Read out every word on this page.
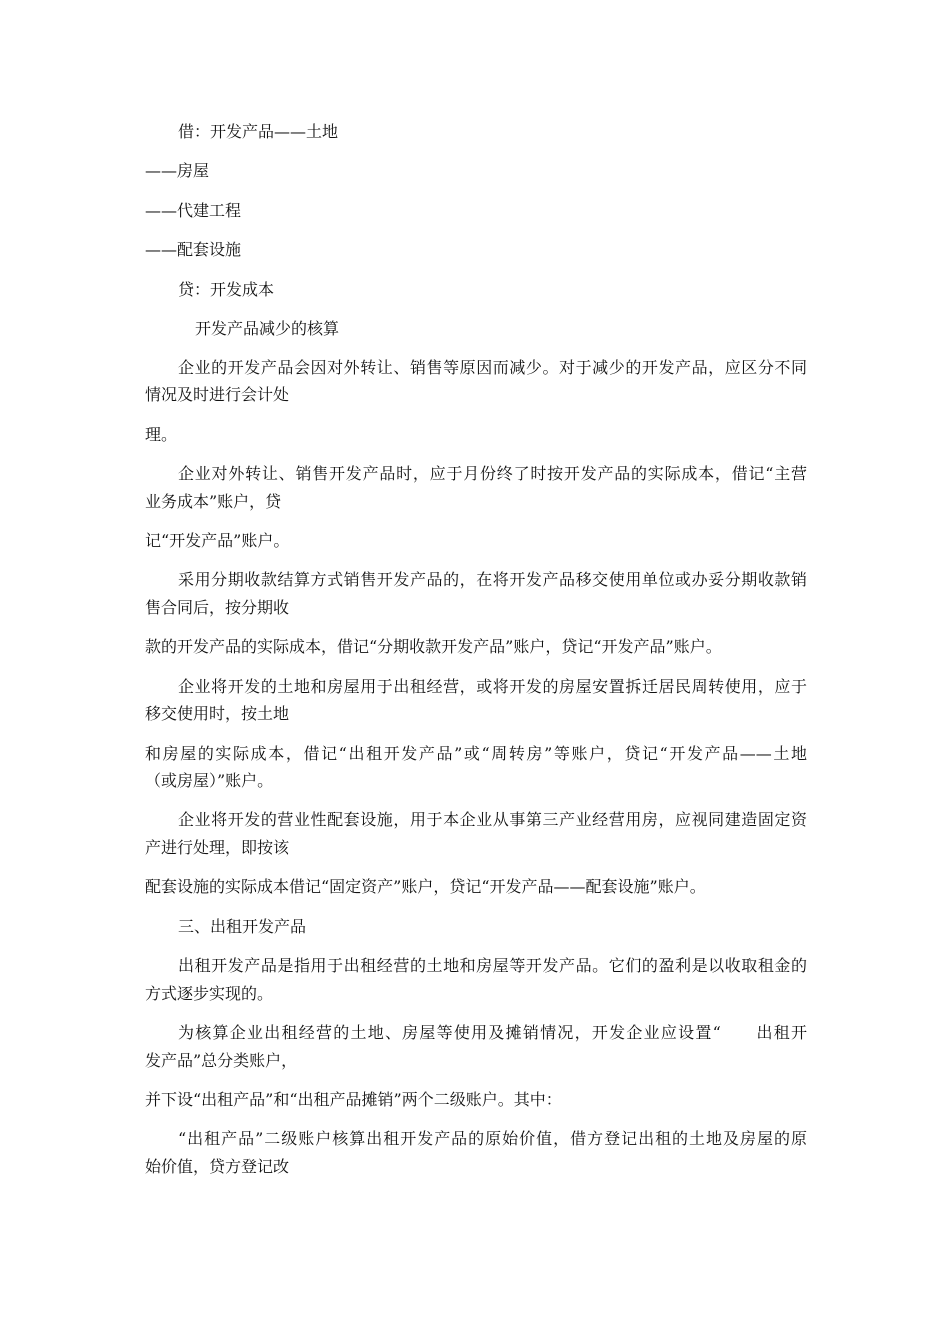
借：开发产品——土地
——房屋
——代建工程
——配套设施
贷：开发成本
开发产品减少的核算
企业的开发产品会因对外转让、销售等原因而减少。对于减少的开发产品，应区分不同
情况及时进行会计处
理。
企业对外转让、销售开发产品时，应于月份终了时按开发产品的实际成本，借记“主营
业务成本”账户，贷
记“开发产品”账户。
采用分期收款结算方式销售开发产品的，在将开发产品移交使用单位或办妥分期收款销
售合同后，按分期收
款的开发产品的实际成本，借记“分期收款开发产品”账户，贷记“开发产品”账户。
企业将开发的土地和房屋用于出租经营，或将开发的房屋安置拆迁居民周转使用，应于
移交使用时，按土地
和房屋的实际成本，借记“出租开发产品”或“周转房”等账户，贷记“开发产品——土地
（或房屋）”账户。
企业将开发的营业性配套设施，用于本企业从事第三产业经营用房，应视同建造固定资
产进行处理，即按该
配套设施的实际成本借记“固定资产”账户，贷记“开发产品——配套设施”账户。
三、出租开发产品
出租开发产品是指用于出租经营的土地和房屋等开发产品。它们的盈利是以收取租金的
方式逐步实现的。
为核算企业出租经营的土地、房屋等使用及摊销情况，开发企业应设置“　　出租开
发产品”总分类账户，
并下设“出租产品”和“出租产品摊销”两个二级账户。其中：
“出租产品”二级账户核算出租开发产品的原始价值，借方登记出租的土地及房屋的原
始价值，贷方登记改
